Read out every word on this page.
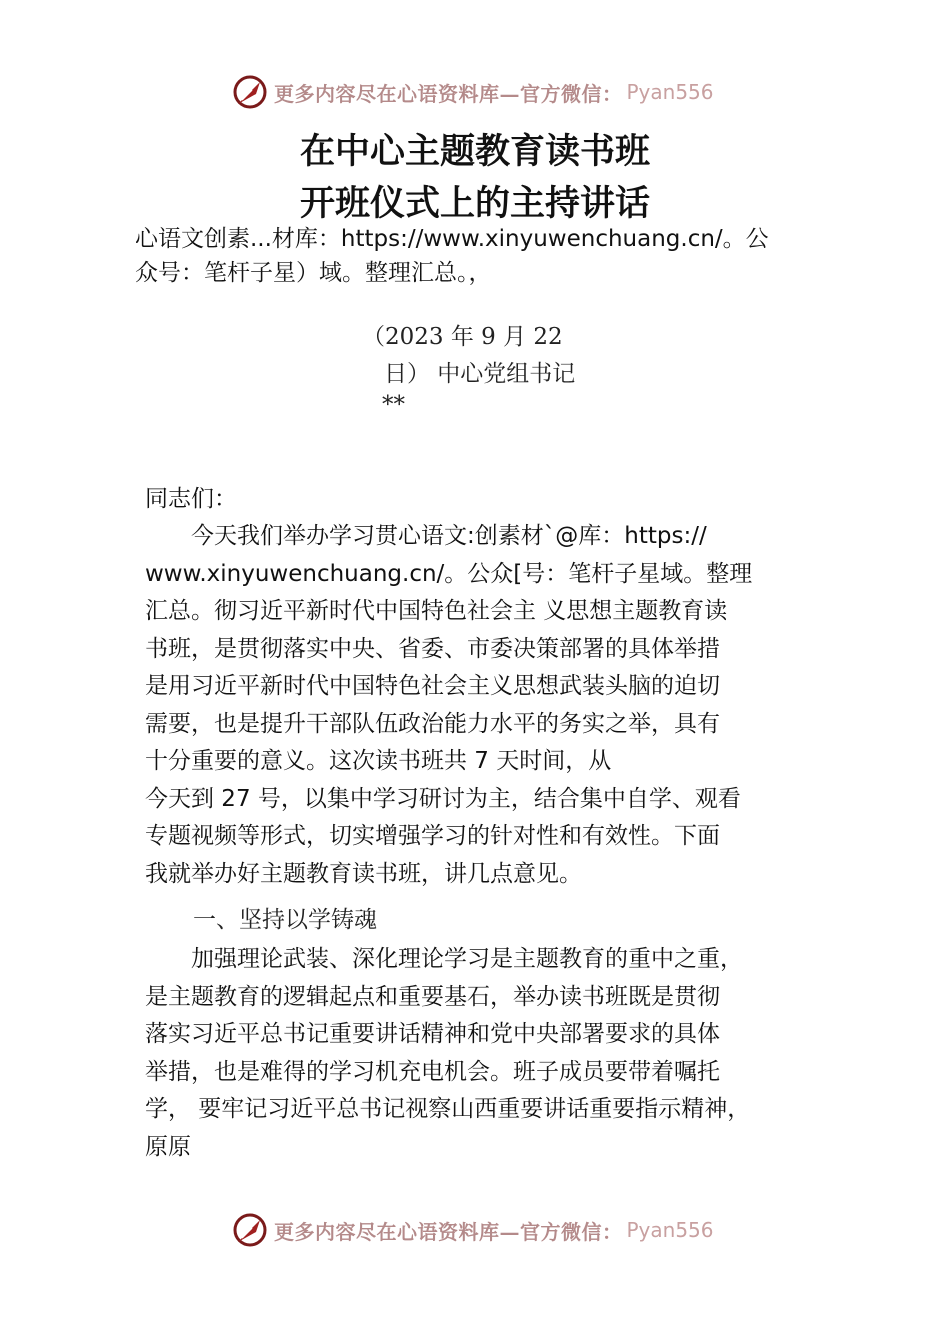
更多内容尽在心语资料库—官方微信： Pyan556
在中心主题教育读书班
开班仪式上的主持讲话
心语文创素...材库：https://www.xinyuwenchuang.cn/。公
众号：笔杆子星）域。整理汇总。，
（2023 年 9 月 22
日） 中心党组书记
**
同志们：
　　今天我们举办学习贯心语文:创素材`@库：https://
www.xinyuwenchuang.cn/。公众[号：笔杆子星域。整理
汇总。彻习近平新时代中国特色社会主 义思想主题教育读
书班，是贯彻落实中央、省委、市委决策部署的具体举措
是用习近平新时代中国特色社会主义思想武装头脑的迫切
需要，也是提升干部队伍政治能力水平的务实之举，具有
十分重要的意义。这次读书班共 7 天时间，从
今天到 27 号，以集中学习研讨为主，结合集中自学、观看
专题视频等形式，切实增强学习的针对性和有效性。下面
我就举办好主题教育读书班，讲几点意见。
一、坚持以学铸魂
　　加强理论武装、深化理论学习是主题教育的重中之重，
是主题教育的逻辑起点和重要基石，举办读书班既是贯彻
落实习近平总书记重要讲话精神和党中央部署要求的具体
举措，也是难得的学习机充电机会。班子成员要带着嘱托
学， 要牢记习近平总书记视察山西重要讲话重要指示精神，
原原
更多内容尽在心语资料库—官方微信： Pyan556
